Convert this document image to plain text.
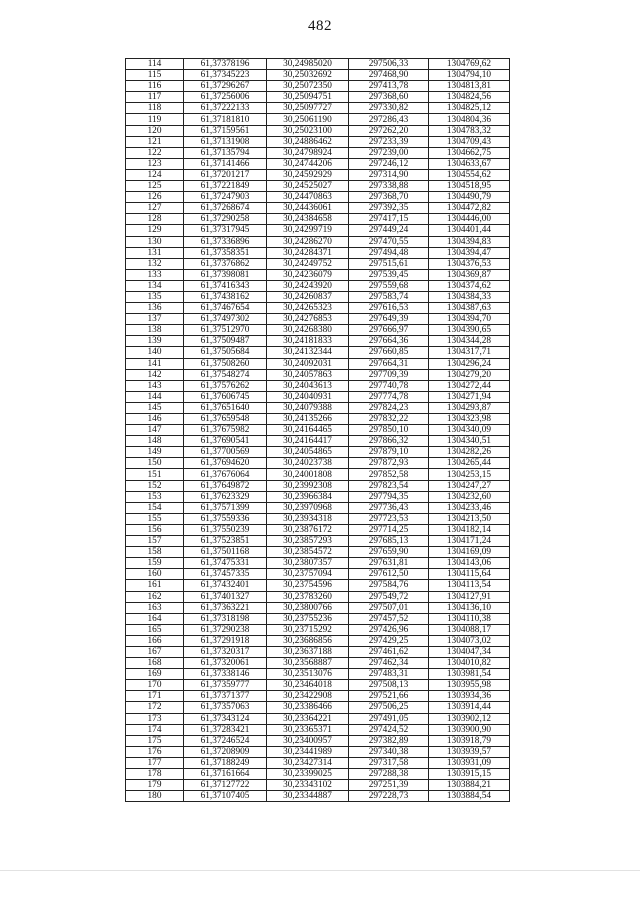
482
114	61,37378196	30,24985020	297506,33	1304769,62
115	61,37345223	30,25032692	297468,90	1304794,10
116	61,37296267	30,25072350	297413,78	1304813,81
117	61,37256006	30,25094751	297368,60	1304824,56
118	61,37222133	30,25097727	297330,82	1304825,12
119	61,37181810	30,25061190	297286,43	1304804,36
120	61,37159561	30,25023100	297262,20	1304783,32
121	61,37131908	30,24886462	297233,39	1304709,43
122	61,37135794	30,24798924	297239,00	1304662,75
123	61,37141466	30,24744206	297246,12	1304633,67
124	61,37201217	30,24592929	297314,90	1304554,62
125	61,37221849	30,24525027	297338,88	1304518,95
126	61,37247903	30,24470863	297368,70	1304490,79
127	61,37268674	30,24436061	297392,35	1304472,82
128	61,37290258	30,24384658	297417,15	1304446,00
129	61,37317945	30,24299719	297449,24	1304401,44
130	61,37336896	30,24286270	297470,55	1304394,83
131	61,37358351	30,24284371	297494,48	1304394,47
132	61,37376862	30,24249752	297515,61	1304376,53
133	61,37398081	30,24236079	297539,45	1304369,87
134	61,37416343	30,24243920	297559,68	1304374,62
135	61,37438162	30,24260837	297583,74	1304384,33
136	61,37467654	30,24265323	297616,53	1304387,63
137	61,37497302	30,24276853	297649,39	1304394,70
138	61,37512970	30,24268380	297666,97	1304390,65
139	61,37509487	30,24181833	297664,36	1304344,28
140	61,37505684	30,24132344	297660,85	1304317,71
141	61,37508260	30,24092031	297664,31	1304296,24
142	61,37548274	30,24057863	297709,39	1304279,20
143	61,37576262	30,24043613	297740,78	1304272,44
144	61,37606745	30,24040931	297774,78	1304271,94
145	61,37651640	30,24079388	297824,23	1304293,87
146	61,37659548	30,24135266	297832,22	1304323,98
147	61,37675982	30,24164465	297850,10	1304340,09
148	61,37690541	30,24164417	297866,32	1304340,51
149	61,37700569	30,24054865	297879,10	1304282,26
150	61,37694620	30,24023738	297872,93	1304265,44
151	61,37676064	30,24001808	297852,58	1304253,15
152	61,37649872	30,23992308	297823,54	1304247,27
153	61,37623329	30,23966384	297794,35	1304232,60
154	61,37571399	30,23970968	297736,43	1304233,46
155	61,37559336	30,23934318	297723,53	1304213,50
156	61,37550239	30,23876172	297714,25	1304182,14
157	61,37523851	30,23857293	297685,13	1304171,24
158	61,37501168	30,23854572	297659,90	1304169,09
159	61,37475331	30,23807357	297631,81	1304143,06
160	61,37457335	30,23757094	297612,50	1304115,64
161	61,37432401	30,23754596	297584,76	1304113,54
162	61,37401327	30,23783260	297549,72	1304127,91
163	61,37363221	30,23800766	297507,01	1304136,10
164	61,37318198	30,23755236	297457,52	1304110,38
165	61,37290238	30,23715292	297426,96	1304088,17
166	61,37291918	30,23686856	297429,25	1304073,02
167	61,37320317	30,23637188	297461,62	1304047,34
168	61,37320061	30,23568887	297462,34	1304010,82
169	61,37338146	30,23513076	297483,31	1303981,54
170	61,37359777	30,23464018	297508,13	1303955,98
171	61,37371377	30,23422908	297521,66	1303934,36
172	61,37357063	30,23386466	297506,25	1303914,44
173	61,37343124	30,23364221	297491,05	1303902,12
174	61,37283421	30,23365371	297424,52	1303900,90
175	61,37246524	30,23400957	297382,89	1303918,79
176	61,37208909	30,23441989	297340,38	1303939,57
177	61,37188249	30,23427314	297317,58	1303931,09
178	61,37161664	30,23399025	297288,38	1303915,15
179	61,37127722	30,23343102	297251,39	1303884,21
180	61,37107405	30,23344887	297228,73	1303884,54
